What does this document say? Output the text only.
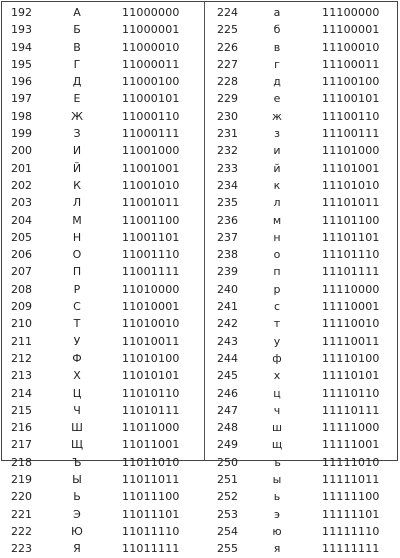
192	А	11000000
193	Б	11000001
194	В	11000010
195	Г	11000011
196	Д	11000100
197	Е	11000101
198	Ж	11000110
199	З	11000111
200	И	11001000
201	Й	11001001
202	К	11001010
203	Л	11001011
204	М	11001100
205	Н	11001101
206	О	11001110
207	П	11001111
208	Р	11010000
209	С	11010001
210	Т	11010010
211	У	11010011
212	Ф	11010100
213	Х	11010101
214	Ц	11010110
215	Ч	11010111
216	Ш	11011000
217	Щ	11011001
218	Ъ	11011010
219	Ы	11011011
220	Ь	11011100
221	Э	11011101
222	Ю	11011110
223	Я	11011111
224	а	11100000
225	б	11100001
226	в	11100010
227	г	11100011
228	д	11100100
229	е	11100101
230	ж	11100110
231	з	11100111
232	и	11101000
233	й	11101001
234	к	11101010
235	л	11101011
236	м	11101100
237	н	11101101
238	о	11101110
239	п	11101111
240	р	11110000
241	с	11110001
242	т	11110010
243	у	11110011
244	ф	11110100
245	х	11110101
246	ц	11110110
247	ч	11110111
248	ш	11111000
249	щ	11111001
250	ъ	11111010
251	ы	11111011
252	ь	11111100
253	э	11111101
254	ю	11111110
255	я	11111111
